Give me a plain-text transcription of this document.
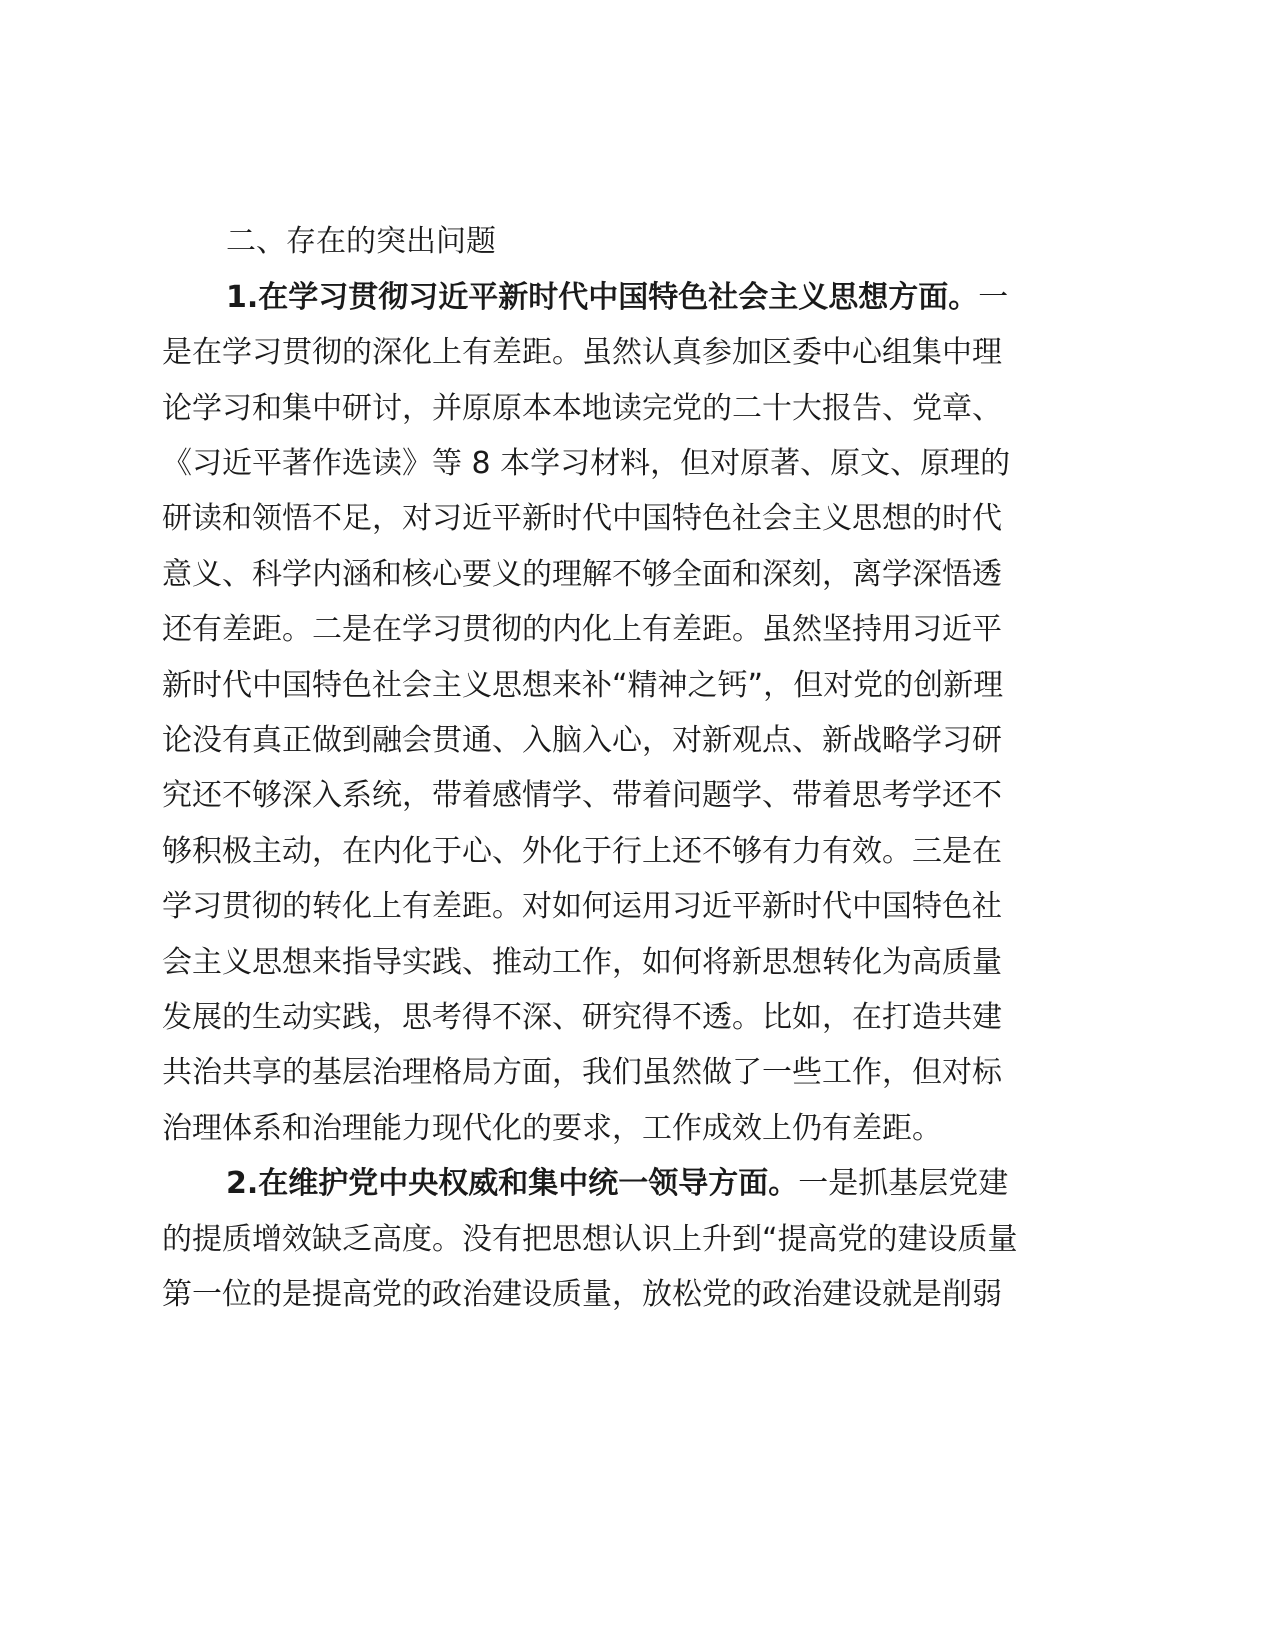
二、存在的突出问题
1.在学习贯彻习近平新时代中国特色社会主义思想方面。一
是在学习贯彻的深化上有差距。虽然认真参加区委中心组集中理
论学习和集中研讨，并原原本本地读完党的二十大报告、党章、
《习近平著作选读》等 8 本学习材料，但对原著、原文、原理的
研读和领悟不足，对习近平新时代中国特色社会主义思想的时代
意义、科学内涵和核心要义的理解不够全面和深刻，离学深悟透
还有差距。二是在学习贯彻的内化上有差距。虽然坚持用习近平
新时代中国特色社会主义思想来补“精神之钙”，但对党的创新理
论没有真正做到融会贯通、入脑入心，对新观点、新战略学习研
究还不够深入系统，带着感情学、带着问题学、带着思考学还不
够积极主动，在内化于心、外化于行上还不够有力有效。三是在
学习贯彻的转化上有差距。对如何运用习近平新时代中国特色社
会主义思想来指导实践、推动工作，如何将新思想转化为高质量
发展的生动实践，思考得不深、研究得不透。比如，在打造共建
共治共享的基层治理格局方面，我们虽然做了一些工作，但对标
治理体系和治理能力现代化的要求，工作成效上仍有差距。
2.在维护党中央权威和集中统一领导方面。一是抓基层党建
的提质增效缺乏高度。没有把思想认识上升到“提高党的建设质量
第一位的是提高党的政治建设质量，放松党的政治建设就是削弱
